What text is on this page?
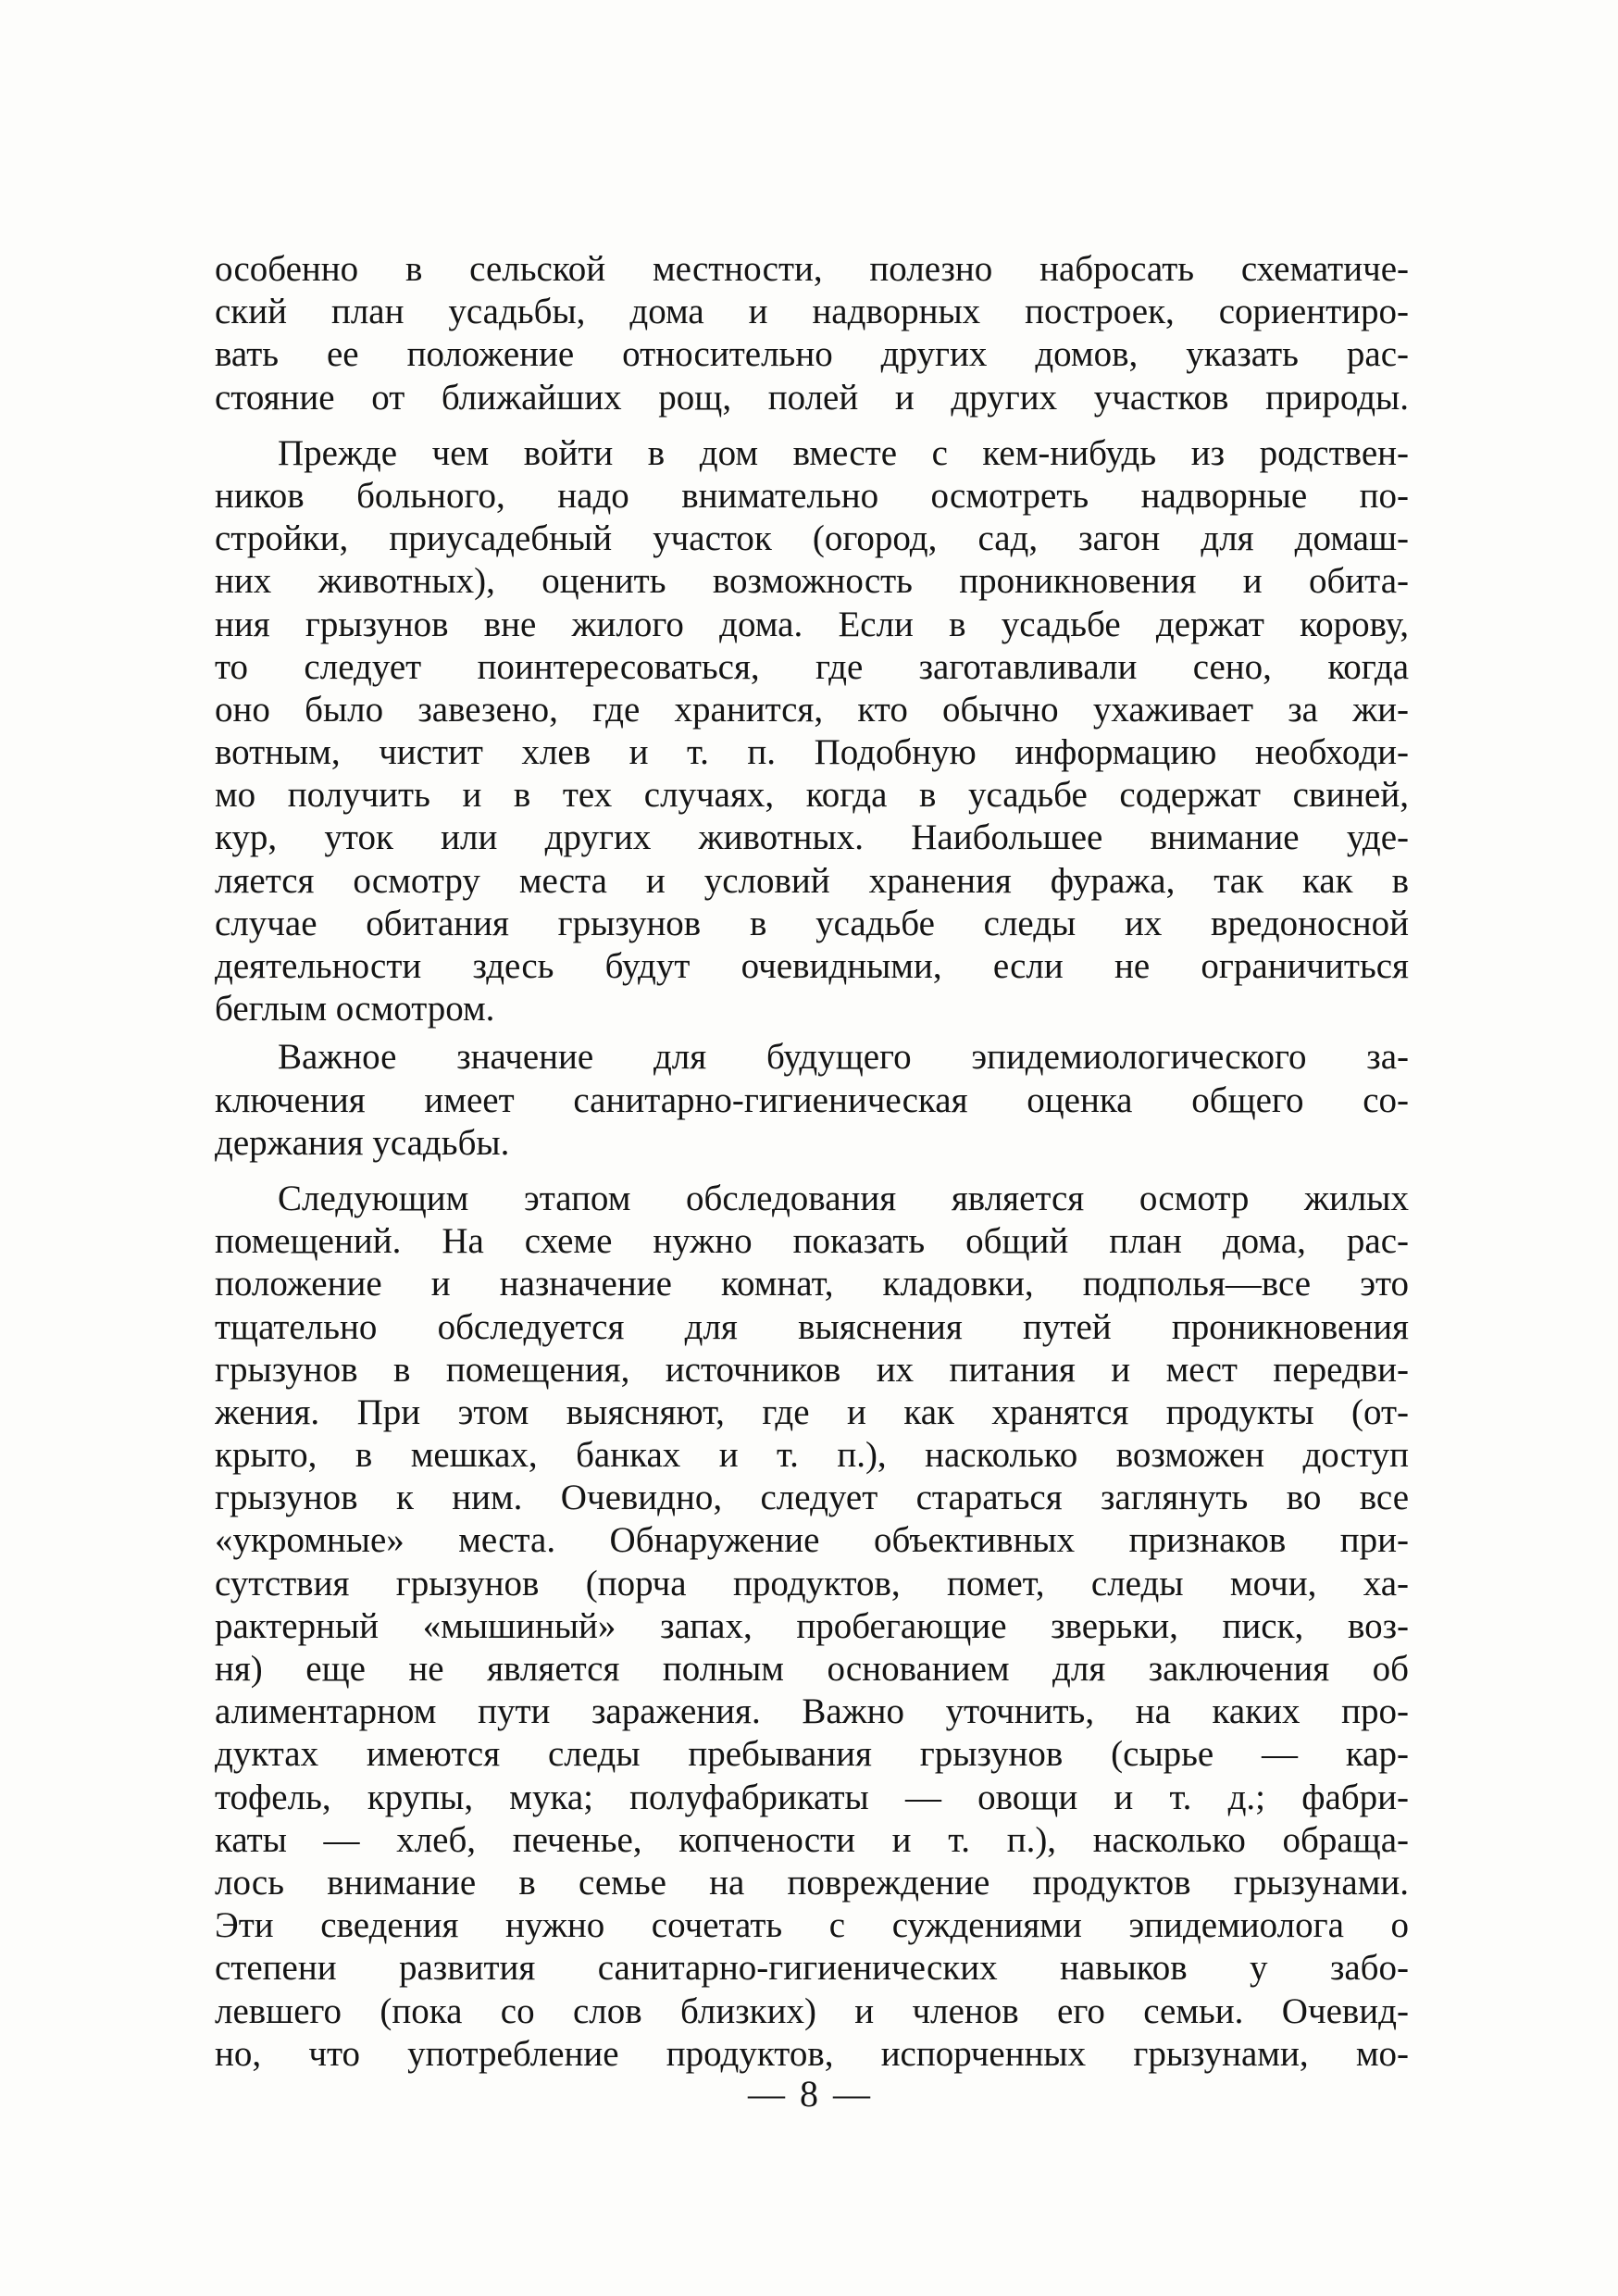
особенно в сельской местности, полезно набросать схематиче-
ский план усадьбы, дома и надворных построек, сориентиро-
вать ее положение относительно других домов, указать рас-
стояние от ближайших рощ, полей и других участков природы.
Прежде чем войти в дом вместе с кем-нибудь из родствен-
ников больного, надо внимательно осмотреть надворные по-
стройки, приусадебный участок (огород, сад, загон для домаш-
них животных), оценить возможность проникновения и обита-
ния грызунов вне жилого дома. Если в усадьбе держат корову,
то следует поинтересоваться, где заготавливали сено, когда
оно было завезено, где хранится, кто обычно ухаживает за жи-
вотным, чистит хлев и т. п. Подобную информацию необходи-
мо получить и в тех случаях, когда в усадьбе содержат свиней,
кур, уток или других животных. Наибольшее внимание уде-
ляется осмотру места и условий хранения фуража, так как в
случае обитания грызунов в усадьбе следы их вредоносной
деятельности здесь будут очевидными, если не ограничиться
беглым осмотром.
Важное значение для будущего эпидемиологического за-
ключения имеет санитарно-гигиеническая оценка общего со-
держания усадьбы.
Следующим этапом обследования является осмотр жилых
помещений. На схеме нужно показать общий план дома, рас-
положение и назначение комнат, кладовки, подполья—все это
тщательно обследуется для выяснения путей проникновения
грызунов в помещения, источников их питания и мест передви-
жения. При этом выясняют, где и как хранятся продукты (от-
крыто, в мешках, банках и т. п.), насколько возможен доступ
грызунов к ним. Очевидно, следует стараться заглянуть во все
«укромные» места. Обнаружение объективных признаков при-
сутствия грызунов (порча продуктов, помет, следы мочи, ха-
рактерный «мышиный» запах, пробегающие зверьки, писк, воз-
ня) еще не является полным основанием для заключения об
алиментарном пути заражения. Важно уточнить, на каких про-
дуктах имеются следы пребывания грызунов (сырье — кар-
тофель, крупы, мука; полуфабрикаты — овощи и т. д.; фабри-
каты — хлеб, печенье, копчености и т. п.), насколько обраща-
лось внимание в семье на повреждение продуктов грызунами.
Эти сведения нужно сочетать с суждениями эпидемиолога о
степени развития санитарно-гигиенических навыков у забо-
левшего (пока со слов близких) и членов его семьи. Очевид-
но, что употребление продуктов, испорченных грызунами, мо-
— 8 —
